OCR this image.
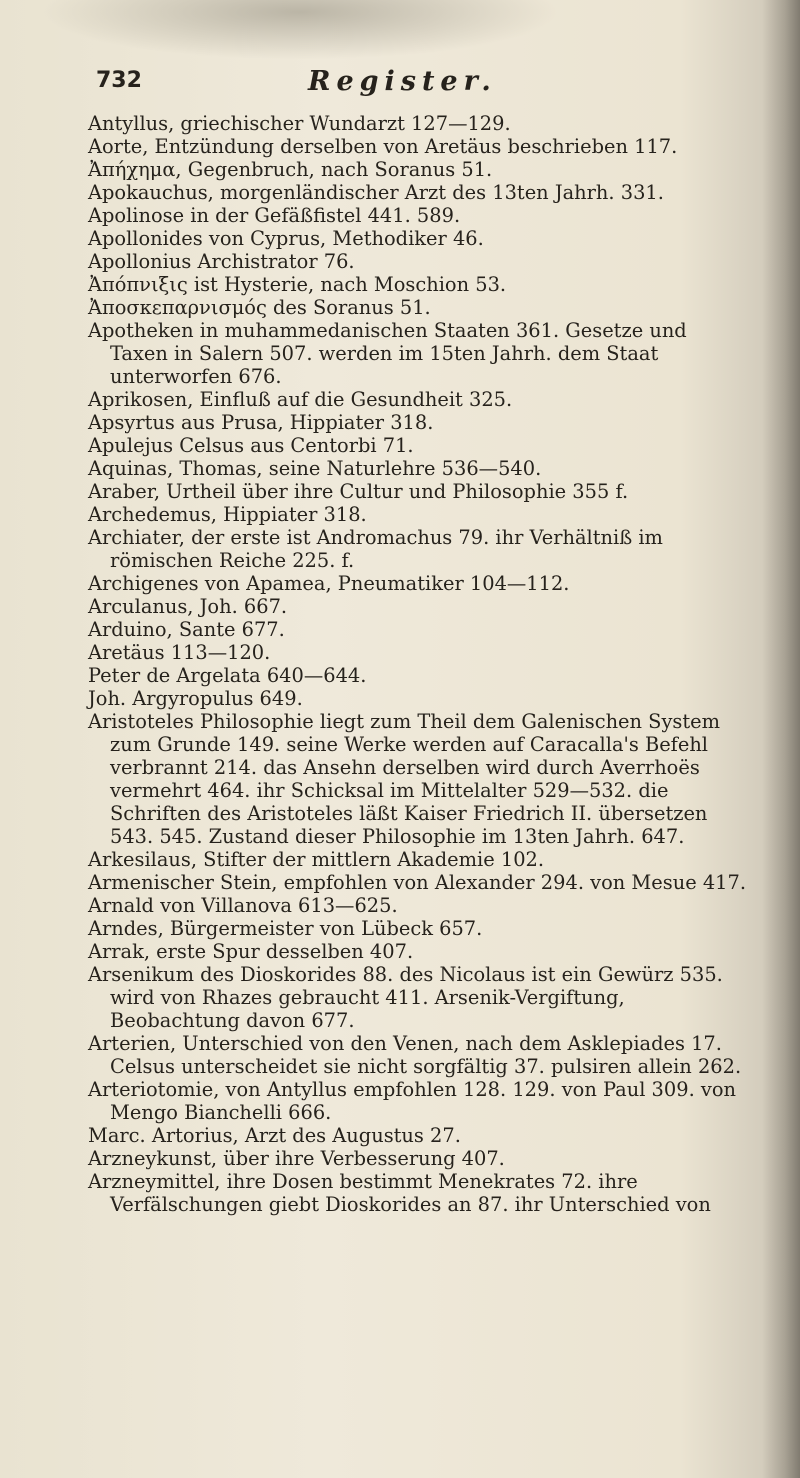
732	Register.

Antyllus, griechischer Wundarzt 127—129.

Aorte, Entzündung derselben von Aretäus beschrieben 117.

Ἀπήχημα, Gegenbruch, nach Soranus 51.

Apokauchus, morgenländischer Arzt des 13ten Jahrh. 331.

Apolinose in der Gefäßfistel 441. 589.

Apollonides von Cyprus, Methodiker 46.

Apollonius Archistrator 76.

Ἀπόπνιξις ist Hysterie, nach Moschion 53.

Ἀποσκεπαρνισμός des Soranus 51.

Apotheken in muhammedanischen Staaten 361. Gesetze und Taxen in Salern 507. werden im 15ten Jahrh. dem Staat unterworfen 676.

Aprikosen, Einfluß auf die Gesundheit 325.

Apsyrtus aus Prusa, Hippiater 318.

Apulejus Celsus aus Centorbi 71.

Aquinas, Thomas, seine Naturlehre 536—540.

Araber, Urtheil über ihre Cultur und Philosophie 355 f.

Archedemus, Hippiater 318.

Archiater, der erste ist Andromachus 79. ihr Verhältniß im römischen Reiche 225. f.

Archigenes von Apamea, Pneumatiker 104—112.

Arculanus, Joh. 667.

Arduino, Sante 677.

Aretäus 113—120.

Peter de Argelata 640—644.

Joh. Argyropulus 649.

Aristoteles Philosophie liegt zum Theil dem Galenischen System zum Grunde 149. seine Werke werden auf Caracalla's Befehl verbrannt 214. das Ansehn derselben wird durch Averrhoës vermehrt 464. ihr Schicksal im Mittelalter 529—532. die Schriften des Aristoteles läßt Kaiser Friedrich II. übersetzen 543. 545. Zustand dieser Philosophie im 13ten Jahrh. 647.

Arkesilaus, Stifter der mittlern Akademie 102.

Armenischer Stein, empfohlen von Alexander 294. von Mesue 417.

Arnald von Villanova 613—625.

Arndes, Bürgermeister von Lübeck 657.

Arrak, erste Spur desselben 407.

Arsenikum des Dioskorides 88. des Nicolaus ist ein Gewürz 535. wird von Rhazes gebraucht 411. Arsenik-Vergiftung, Beobachtung davon 677.

Arterien, Unterschied von den Venen, nach dem Asklepiades 17. Celsus unterscheidet sie nicht sorgfältig 37. pulsiren allein 262.

Arteriotomie, von Antyllus empfohlen 128. 129. von Paul 309. von Mengo Bianchelli 666.

Marc. Artorius, Arzt des Augustus 27.

Arzneykunst, über ihre Verbesserung 407.

Arzneymittel, ihre Dosen bestimmt Menekrates 72. ihre Verfälschungen giebt Dioskorides an 87. ihr Unterschied von
